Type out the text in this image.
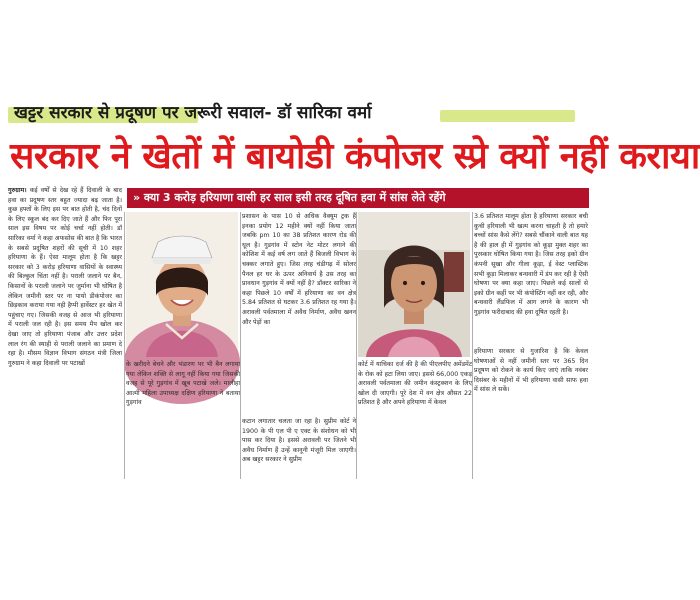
खट्टर सरकार से प्रदूषण पर जरूरी सवाल- डॉ सारिका वर्मा
सरकार ने खेतों में बायोडी कंपोजर स्प्रे क्यों नहीं कराया
» क्या 3 करोड़ हरियाणा वासी हर साल इसी तरह दूषित हवा में सांस लेते रहेंगे
गुरुग्राम। कई वर्षों से देख रहे हैं दिवाली के बाद हवा का प्रदूषण स्तर बहुत ज्यादा बढ़ जाता है। कुछ हफ्तों के लिए इस पर बात होती है, चंद दिनों के लिए स्कूल बंद कर दिए जाते हैं और फिर पूरा साल इस विषय पर कोई चर्चा नहीं होती। डॉ सारिका वर्मा ने कहा अफसोस की बात है कि भारत के सबसे प्रदूषित शहरों की सूची में 10 शहर हरियाणा के हैं। ऐसा मालूम होता है कि खट्टर सरकार को 3 करोड़ हरियाणा वासियों के स्वास्थ्य की बिल्कुल चिंता नहीं है। पराली जलाने पर बैन, किसानों के पराली जलाने पर जुर्माना भी घोषित है लेकिन जमीनी स्तर पर ना पायो डीकंपोजर का छिड़काव कराया गया नही हैप्पी हार्वेस्टर हर खेत में पहुंचाए गए। जिसकी वजह से आज भी हरियाणा में पराली जल रही है। इस समय मैप खोल कर देखा जाए तो हरियाणा पंजाब और उत्तर प्रदेश लाल रंग की स्याही से पराली जलाने का प्रमाण दे रहा है। मौसम विज्ञान विभाग संगठन मंत्री जिला गुरुग्राम ने कहा दिवाली पर पटाखों
प्रशासन के पास 10 से अधिक वैक्यूम ट्रक हैं इनका प्रयोग 12 महीने क्यों नहीं किया जाता जबकि pm 10 का 38 प्रतिशत कारण रोड की धूल है। गुडगांव में स्टोन नेट मोटर लगाने की कोशिश में कई वर्ष लग जाते हैं बिजली विभाग के चक्कर लगाते हुए। जिस तरह चंडीगढ़ में सोलर पैनल हर घर के ऊपर अनिवार्य है उस तरह का प्रावधान गुड़गांव में क्यों नहीं है? डॉक्टर सारिका ने कहा पिछले 10 वर्षों में हरियाणा का वन क्षेत्र 5.84 प्रतिशत से घटकर 3.6 प्रतिशत रह गया है। अरावली पर्वतमाला में अवैध निर्माण, अवैध खनन और पेड़ों का
3.6 प्रतिशत मालूम होता है हरियाणा सरकार बची कुची हरियाली भी खत्म करना चाहती है तो हमारे बच्चों सांस कैसे लेंगे? सबसे चौंकाने वाली बात यह है की हाल ही में गुड़गांव को कूड़ा मुक्त शहर का पुरस्कार घोषित किया गया है। जिस तरह इको ग्रीन कंपनी सूखा और गीला कूड़ा, ई वेस्ट प्लास्टिक सभी कूड़ा मिलाकर बन्धवारी में डंप कर रही है ऐसी घोषणा पर क्या कहा जाए। पिछले कई सालों से इको ग्रीन कहीं पर भी कंपोस्टिंग नहीं कर रही, और बन्धवारी लैंडफिल में आग लगने के कारण भी गुड़गांव फरीदाबाद की हवा दूषित रहती है।
हरियाणा सरकार से गुजारिश है कि केवल घोषणाओं से नहीं जमीनी स्तर पर 365 दिन प्रदूषण को रोकने के कार्य किए जाएं ताकि नवंबर दिसंबर के महीनों में भी हरियाणा वासी साफ हवा में सांस ले सकें।
के खरीदने बेचने और भंडारण पर भी बैन लगाया गया लेकिन शक्ति से लागू नहीं किया गया जिसकी वजह से पूरे गुड़गांव में खूब पटाखे जले। मालीहा आत्मी महिला उपाध्यक्ष दक्षिण हरियाणा ने बताया गुड़गांव
कटान लगातार चलता जा रहा है। सुप्रीम कोर्ट ने 1900 के पी एल पी ए एक्ट के संशोधन को भी पास कर दिया है। इससे अरावली पर जितने भी अवैध निर्माण हैं उन्हें कानूनी मंजूरी मिल जाएगी। अब खट्टर सरकार ने सुप्रीम
कोर्ट में याचिका दर्ज की है की पीएलपीए अमेंडमेंट के रोक को हटा लिया जाए। इससे 66,000 एकड़ अरावली पर्वतमाला की जमीन कंस्ट्रक्शन के लिए खोल दी जाएगी। पूरे देश में वन क्षेत्र औसत 22 प्रतिशत है और अपने हरियाणा में केवल
